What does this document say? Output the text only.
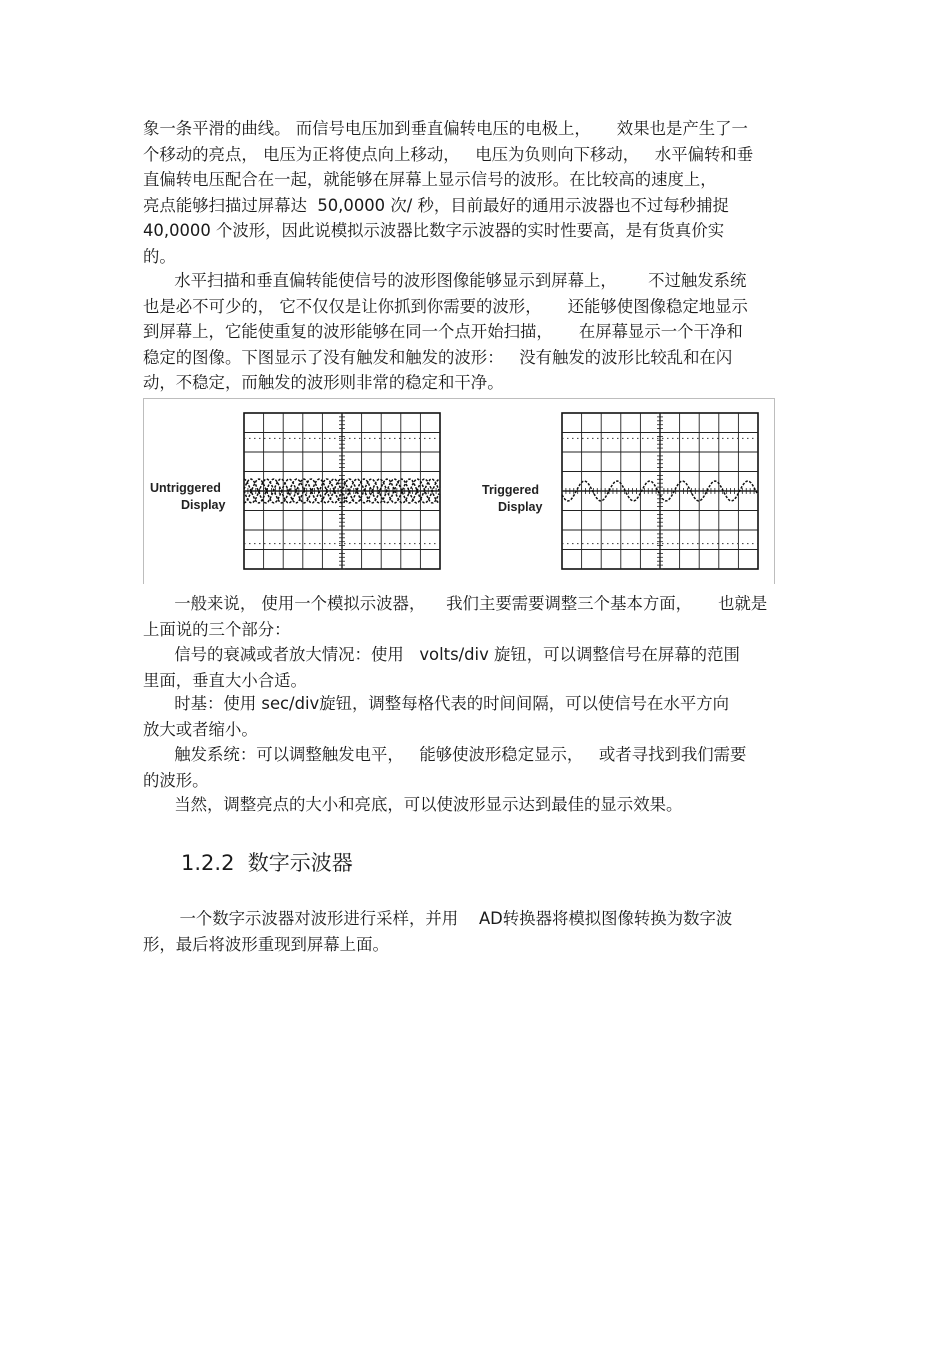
象一条平滑的曲线。 而信号电压加到垂直偏转电压的电极上，     效果也是产生了一
个移动的亮点， 电压为正将使点向上移动，   电压为负则向下移动，   水平偏转和垂
直偏转电压配合在一起，就能够在屏幕上显示信号的波形。在比较高的速度上，
亮点能够扫描过屏幕达  50,0000 次/ 秒，目前最好的通用示波器也不过每秒捕捉
40,0000 个波形，因此说模拟示波器比数字示波器的实时性要高，是有货真价实
的。
水平扫描和垂直偏转能使信号的波形图像能够显示到屏幕上，      不过触发系统
也是必不可少的， 它不仅仅是让你抓到你需要的波形，     还能够使图像稳定地显示
到屏幕上，它能使重复的波形能够在同一个点开始扫描，     在屏幕显示一个干净和
稳定的图像。下图显示了没有触发和触发的波形：   没有触发的波形比较乱和在闪
动，不稳定，而触发的波形则非常的稳定和干净。
Untriggered
Display
Triggered
Display
一般来说， 使用一个模拟示波器，    我们主要需要调整三个基本方面，     也就是
上面说的三个部分：
信号的衰减或者放大情况：使用   volts/div 旋钮，可以调整信号在屏幕的范围
里面，垂直大小合适。
时基：使用 sec/div旋钮，调整每格代表的时间间隔，可以使信号在水平方向
放大或者缩小。
触发系统：可以调整触发电平，   能够使波形稳定显示，   或者寻找到我们需要
的波形。
当然，调整亮点的大小和亮底，可以使波形显示达到最佳的显示效果。
1.2.2 数字示波器
一个数字示波器对波形进行采样，并用    AD转换器将模拟图像转换为数字波
形，最后将波形重现到屏幕上面。
